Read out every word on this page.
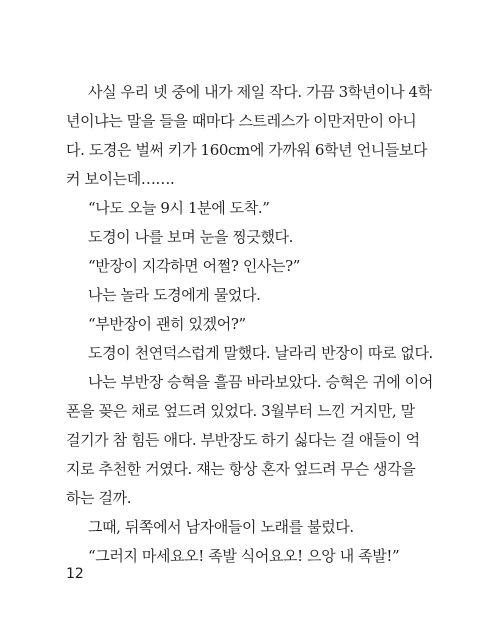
사실 우리 넷 중에 내가 제일 작다. 가끔 3학년이나 4학
년이냐는 말을 들을 때마다 스트레스가 이만저만이 아니
다. 도경은 벌써 키가 160cm에 가까워 6학년 언니들보다
커 보이는데…….

“나도 오늘 9시 1분에 도착.”

도경이 나를 보며 눈을 찡긋했다.

“반장이 지각하면 어쩔? 인사는?”

나는 놀라 도경에게 물었다.

“부반장이 괜히 있겠어?”

도경이 천연덕스럽게 말했다. 날라리 반장이 따로 없다.

나는 부반장 승혁을 흘끔 바라보았다. 승혁은 귀에 이어
폰을 꽂은 채로 엎드려 있었다. 3월부터 느낀 거지만, 말
걸기가 참 힘든 애다. 부반장도 하기 싫다는 걸 애들이 억
지로 추천한 거였다. 쟤는 항상 혼자 엎드려 무슨 생각을
하는 걸까.

그때, 뒤쪽에서 남자애들이 노래를 불렀다.

“그러지 마세요오! 족발 식어요오! 으앙 내 족발!”

12
